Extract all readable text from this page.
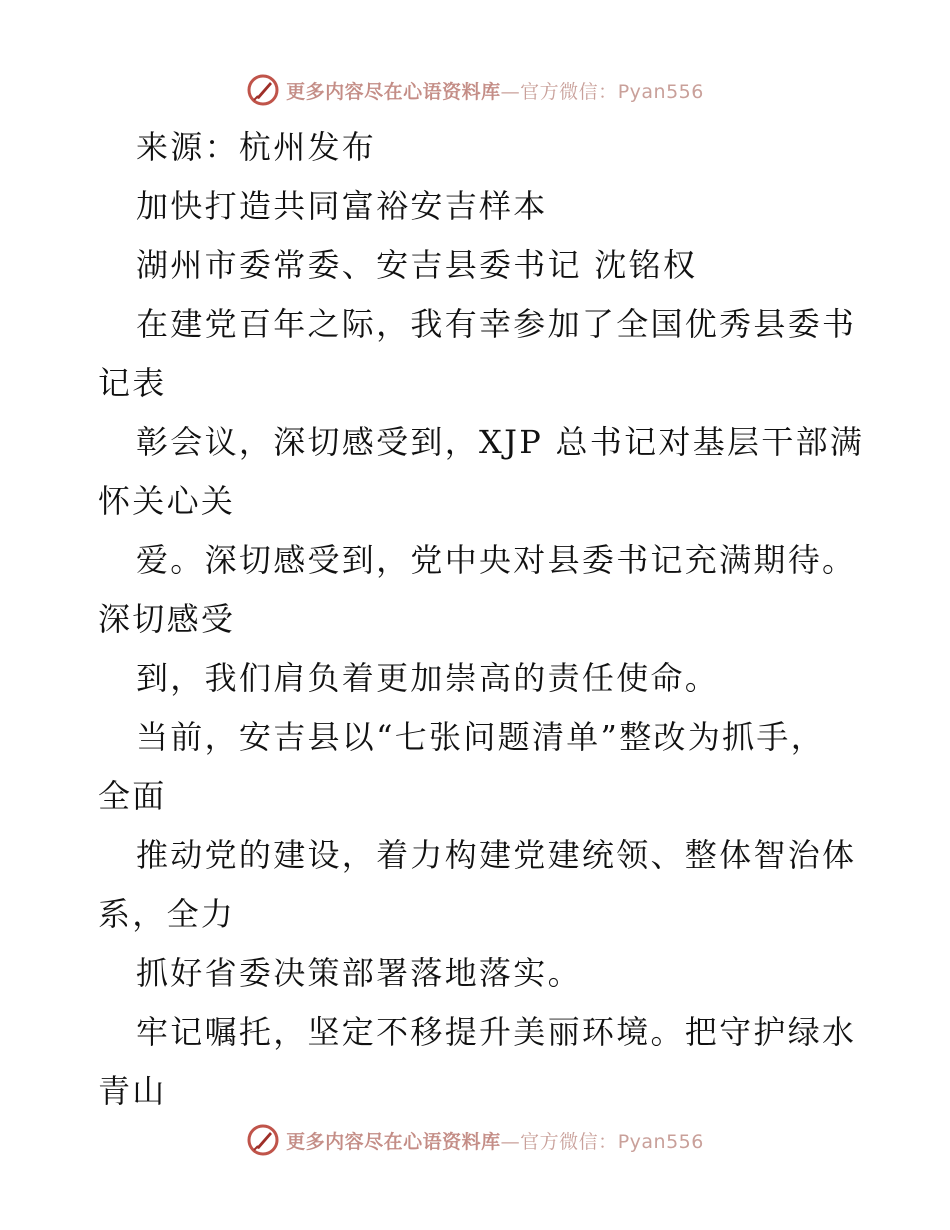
更多内容尽在心语资料库—官方微信：Pyan556
来源：杭州发布
加快打造共同富裕安吉样本
湖州市委常委、安吉县委书记 沈铭权
在建党百年之际，我有幸参加了全国优秀县委书
记表
彰会议，深切感受到，XJP 总书记对基层干部满
怀关心关
爱。深切感受到，党中央对县委书记充满期待。
深切感受
到，我们肩负着更加崇高的责任使命。
当前，安吉县以“七张问题清单”整改为抓手，
全面
推动党的建设，着力构建党建统领、整体智治体
系，全力
抓好省委决策部署落地落实。
牢记嘱托，坚定不移提升美丽环境。把守护绿水
青山
更多内容尽在心语资料库—官方微信：Pyan556
